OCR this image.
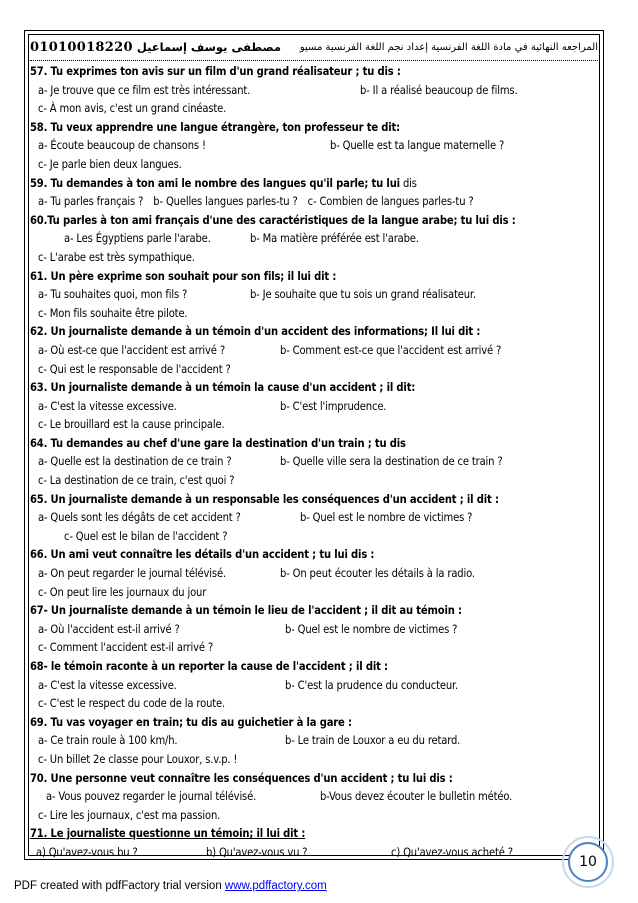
01010018220 مصطفى يوسف إسماعيل المراجعه النهائية في مادة اللغة الفرنسية إعداد نجم اللغة الفرنسية مسيو
57. Tu exprimes ton avis sur un film d'un grand réalisateur ; tu dis :
a- Je trouve que ce film est très intéressant.	b- Il a réalisé beaucoup de films.
c- À mon avis, c'est un grand cinéaste.
58. Tu veux apprendre une langue étrangère, ton professeur te dit:
a- Écoute beaucoup de chansons !	b- Quelle est ta langue maternelle ?
c- Je parle bien deux langues.
59. Tu demandes à ton ami le nombre des langues qu'il parle; tu lui dis
a- Tu parles français ? b- Quelles langues parles-tu ? c- Combien de langues parles-tu ?
60.Tu parles à ton ami français d'une des caractéristiques de la langue arabe; tu lui dis :
a- Les Égyptiens parle l'arabe.	b- Ma matière préférée est l'arabe.
c- L'arabe est très sympathique.
61. Un père exprime son souhait pour son fils; il lui dit :
a- Tu souhaites quoi, mon fils ?	b- Je souhaite que tu sois un grand réalisateur.
c- Mon fils souhaite être pilote.
62. Un journaliste demande à un témoin d'un accident des informations; Il lui dit :
a- Où est-ce que l'accident est arrivé ?	b- Comment est-ce que l'accident est arrivé ?
c- Qui est le responsable de l'accident ?
63. Un journaliste demande à un témoin la cause d'un accident ; il dit:
a- C'est la vitesse excessive.	b- C'est l'imprudence.
c- Le brouillard est la cause principale.
64. Tu demandes au chef d'une gare la destination d'un train ; tu dis
a- Quelle est la destination de ce train ?	b- Quelle ville sera la destination de ce train ?
c- La destination de ce train, c'est quoi ?
65. Un journaliste demande à un responsable les conséquences d'un accident ; il dit :
a- Quels sont les dégâts de cet accident ?	b- Quel est le nombre de victimes ?
c- Quel est le bilan de l'accident ?
66. Un ami veut connaître les détails d'un accident ; tu lui dis :
a- On peut regarder le journal télévisé.	b- On peut écouter les détails à la radio.
c- On peut lire les journaux du jour
67- Un journaliste demande à un témoin le lieu de l'accident ; il dit au témoin :
a- Où l'accident est-il arrivé ?	b- Quel est le nombre de victimes ?
c- Comment l'accident est-il arrivé ?
68- le témoin raconte à un reporter la cause de l'accident ; il dit :
a- C'est la vitesse excessive.	b- C'est la prudence du conducteur.
c- C'est le respect du code de la route.
69. Tu vas voyager en train; tu dis au guichetier à la gare :
a- Ce train roule à 100 km/h.	b- Le train de Louxor a eu du retard.
c- Un billet 2e classe pour Louxor, s.v.p. !
70. Une personne veut connaître les conséquences d'un accident ; tu lui dis :
a- Vous pouvez regarder le journal télévisé.	b-Vous devez écouter le bulletin météo.
c- Lire les journaux, c'est ma passion.
71. Le journaliste questionne un témoin; il lui dit :
a) Qu'avez-vous bu ?	b) Qu'avez-vous vu ?	c) Qu'avez-vous acheté ?
10
PDF created with pdfFactory trial version www.pdffactory.com
